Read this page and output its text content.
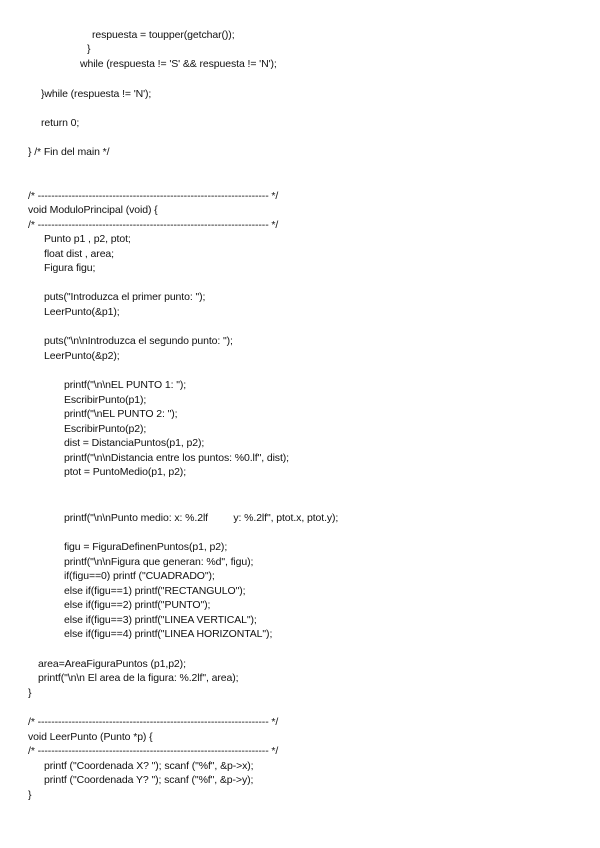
respuesta = toupper(getchar());
}
while (respuesta != 'S' && respuesta != 'N');
}while (respuesta != 'N');
return 0;
} /* Fin del main */
/* -------------------------------------------------------------------- */
void ModuloPrincipal (void) {
/* -------------------------------------------------------------------- */
Punto p1 , p2, ptot;
float dist , area;
Figura figu;
puts("Introduzca el primer punto: ");
LeerPunto(&p1);
puts("\n\nIntroduzca el segundo punto: ");
LeerPunto(&p2);
printf("\n\nEL PUNTO 1: ");
EscribirPunto(p1);
printf("\nEL PUNTO 2: ");
EscribirPunto(p2);
dist = DistanciaPuntos(p1, p2);
printf("\n\nDistancia entre los puntos: %0.lf", dist);
ptot = PuntoMedio(p1, p2);
printf("\n\nPunto medio: x: %.2lf         y: %.2lf", ptot.x, ptot.y);
figu = FiguraDefinenPuntos(p1, p2);
printf("\n\nFigura que generan: %d", figu);
if(figu==0) printf ("CUADRADO");
else if(figu==1) printf("RECTANGULO");
else if(figu==2) printf("PUNTO");
else if(figu==3) printf("LINEA VERTICAL");
else if(figu==4) printf("LINEA HORIZONTAL");
area=AreaFiguraPuntos (p1,p2);
printf("\n\n El area de la figura: %.2lf", area);
}
/* -------------------------------------------------------------------- */
void LeerPunto (Punto *p) {
/* -------------------------------------------------------------------- */
printf ("Coordenada X? "); scanf ("%f", &p->x);
printf ("Coordenada Y? "); scanf ("%f", &p->y);
}
